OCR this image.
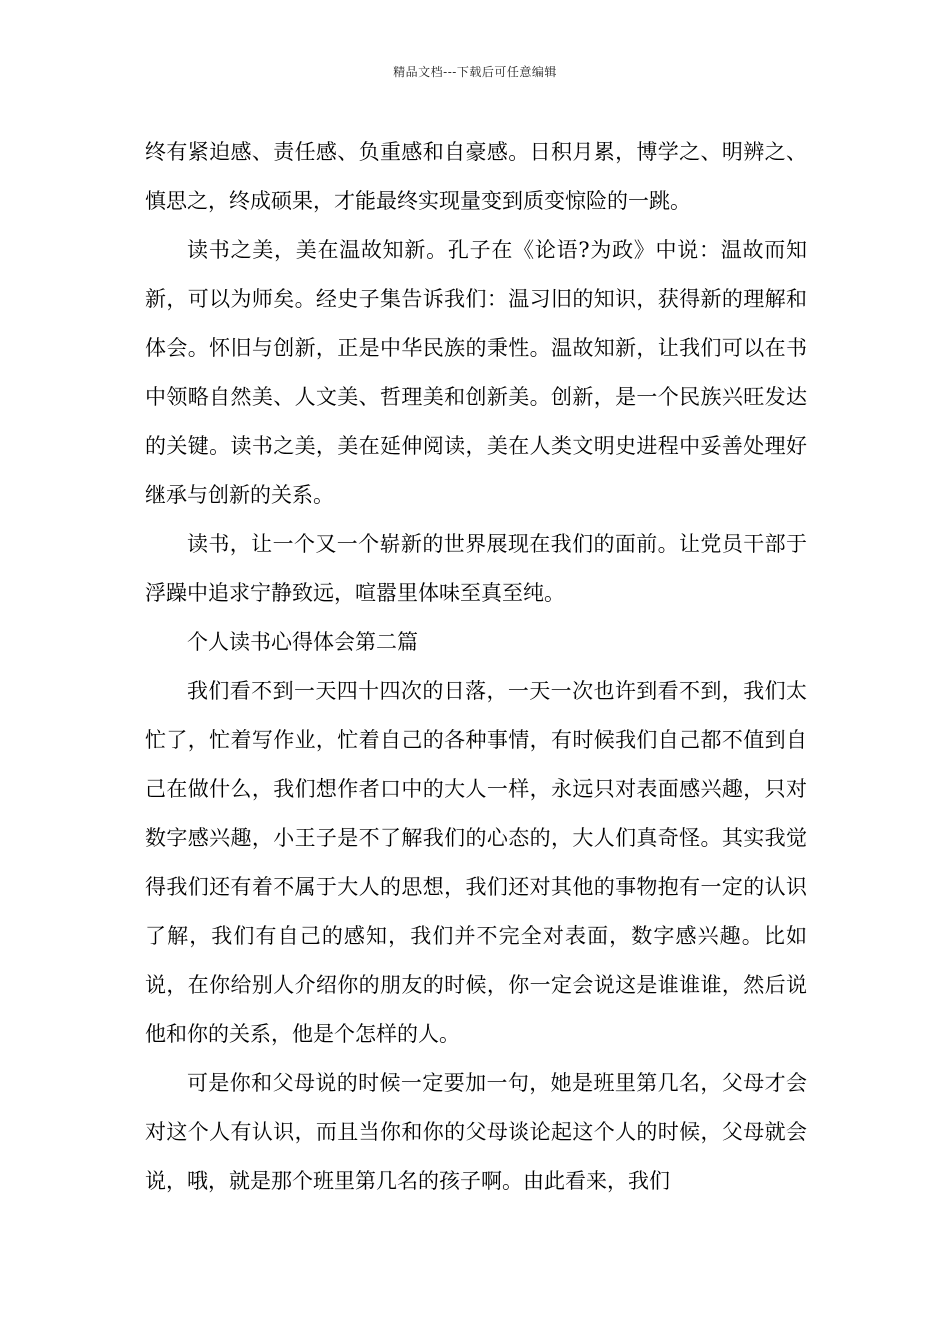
精品文档---下载后可任意编辑

终有紧迫感、责任感、负重感和自豪感。日积月累，博学之、明辨之、慎思之，终成硕果，才能最终实现量变到质变惊险的一跳。

读书之美，美在温故知新。孔子在《论语?为政》中说：温故而知新，可以为师矣。经史子集告诉我们：温习旧的知识，获得新的理解和体会。怀旧与创新，正是中华民族的秉性。温故知新，让我们可以在书中领略自然美、人文美、哲理美和创新美。创新，是一个民族兴旺发达的关键。读书之美，美在延伸阅读，美在人类文明史进程中妥善处理好继承与创新的关系。

读书，让一个又一个崭新的世界展现在我们的面前。让党员干部于浮躁中追求宁静致远，喧嚣里体味至真至纯。

个人读书心得体会第二篇

我们看不到一天四十四次的日落，一天一次也许到看不到，我们太忙了，忙着写作业，忙着自己的各种事情，有时候我们自己都不值到自己在做什么，我们想作者口中的大人一样，永远只对表面感兴趣，只对数字感兴趣，小王子是不了解我们的心态的，大人们真奇怪。其实我觉得我们还有着不属于大人的思想，我们还对其他的事物抱有一定的认识了解，我们有自己的感知，我们并不完全对表面，数字感兴趣。比如说，在你给别人介绍你的朋友的时候，你一定会说这是谁谁谁，然后说他和你的关系，他是个怎样的人。

可是你和父母说的时候一定要加一句，她是班里第几名，父母才会对这个人有认识，而且当你和你的父母谈论起这个人的时候，父母就会说，哦，就是那个班里第几名的孩子啊。由此看来，我们
